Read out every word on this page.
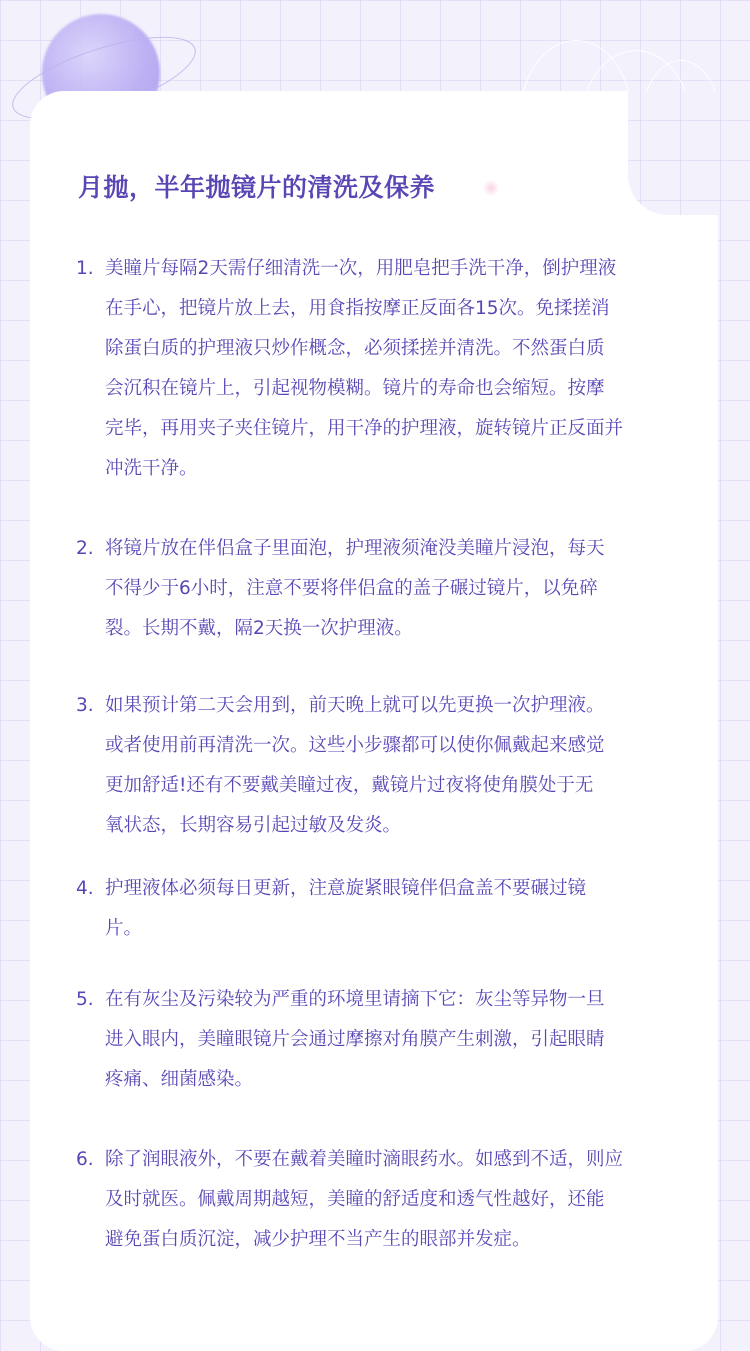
月抛，半年抛镜片的清洗及保养
1. 美瞳片每隔2天需仔细清洗一次，用肥皂把手洗干净，倒护理液
在手心，把镜片放上去，用食指按摩正反面各15次。免揉搓消
除蛋白质的护理液只炒作概念，必须揉搓并清洗。不然蛋白质
会沉积在镜片上，引起视物模糊。镜片的寿命也会缩短。按摩
完毕，再用夹子夹住镜片，用干净的护理液，旋转镜片正反面并
冲洗干净。
2. 将镜片放在伴侣盒子里面泡，护理液须淹没美瞳片浸泡，每天
不得少于6小时，注意不要将伴侣盒的盖子碾过镜片，以免碎
裂。长期不戴，隔2天换一次护理液。
3. 如果预计第二天会用到，前天晚上就可以先更换一次护理液。
或者使用前再清洗一次。这些小步骤都可以使你佩戴起来感觉
更加舒适!还有不要戴美瞳过夜，戴镜片过夜将使角膜处于无
氧状态，长期容易引起过敏及发炎。
4. 护理液体必须每日更新，注意旋紧眼镜伴侣盒盖不要碾过镜
片。
5. 在有灰尘及污染较为严重的环境里请摘下它：灰尘等异物一旦
进入眼内，美瞳眼镜片会通过摩擦对角膜产生刺激，引起眼睛
疼痛、细菌感染。
6. 除了润眼液外，不要在戴着美瞳时滴眼药水。如感到不适，则应
及时就医。佩戴周期越短，美瞳的舒适度和透气性越好，还能
避免蛋白质沉淀，减少护理不当产生的眼部并发症。
